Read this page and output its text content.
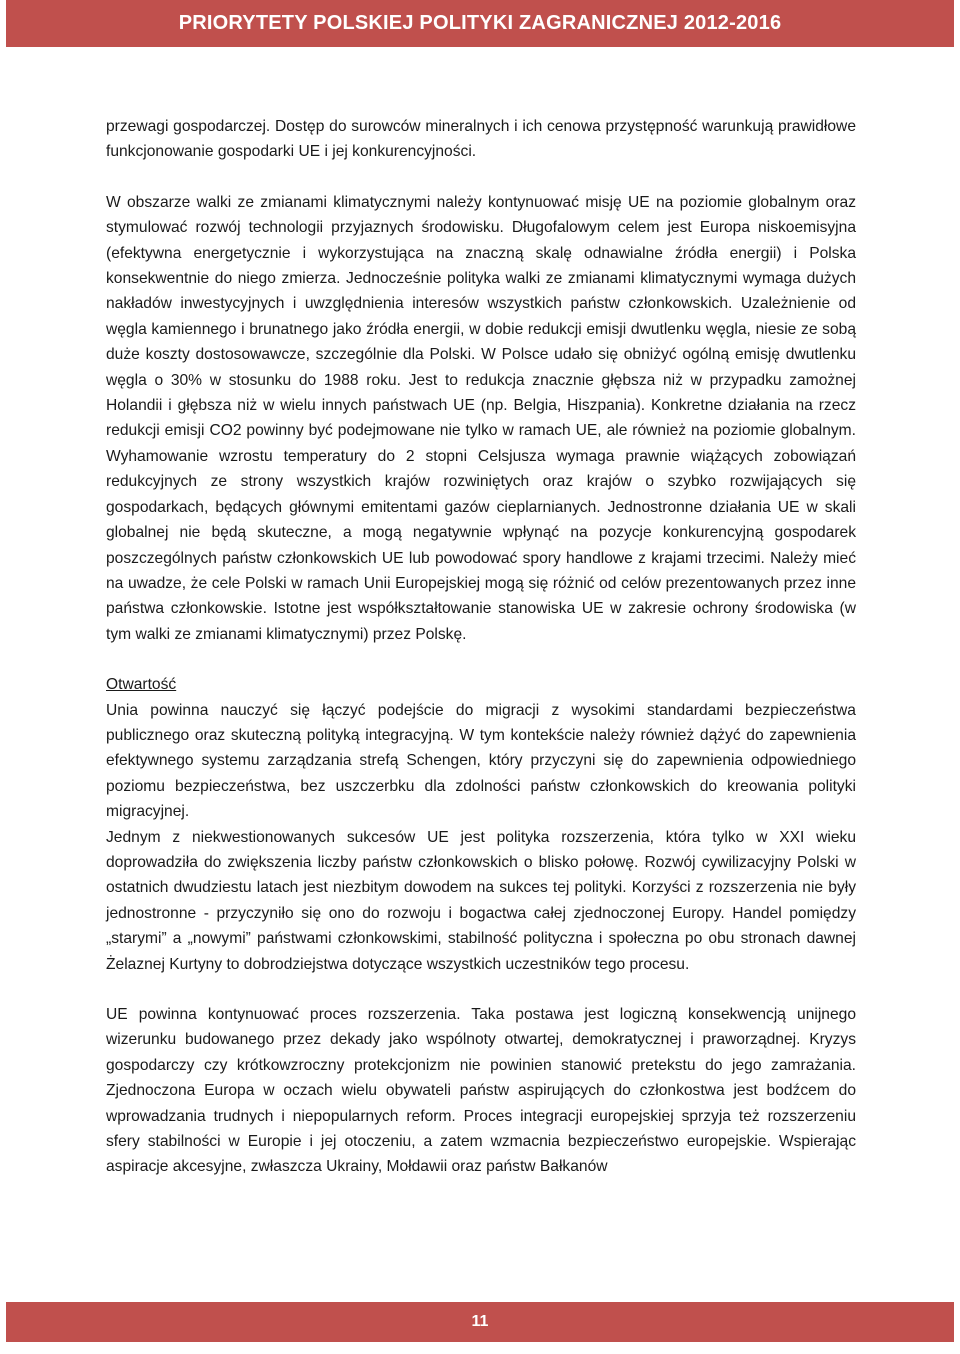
PRIORYTETY POLSKIEJ POLITYKI ZAGRANICZNEJ 2012-2016

przewagi gospodarczej. Dostęp do surowców mineralnych i ich cenowa przystępność warunkują prawidłowe funkcjonowanie gospodarki UE i jej konkurencyjności.

W obszarze walki ze zmianami klimatycznymi należy kontynuować misję UE na poziomie globalnym oraz stymulować rozwój technologii przyjaznych środowisku. Długofalowym celem jest Europa niskoemisyjna (efektywna energetycznie i wykorzystująca na znaczną skalę odnawialne źródła energii) i Polska konsekwentnie do niego zmierza. Jednocześnie polityka walki ze zmianami klimatycznymi wymaga dużych nakładów inwestycyjnych i uwzględnienia interesów wszystkich państw członkowskich. Uzależnienie od węgla kamiennego i brunatnego jako źródła energii, w dobie redukcji emisji dwutlenku węgla, niesie ze sobą duże koszty dostosowawcze, szczególnie dla Polski. W Polsce udało się obniżyć ogólną emisję dwutlenku węgla o 30% w stosunku do 1988 roku. Jest to redukcja znacznie głębsza niż w przypadku zamożnej Holandii i głębsza niż w wielu innych państwach UE (np. Belgia, Hiszpania). Konkretne działania na rzecz redukcji emisji CO2 powinny być podejmowane nie tylko w ramach UE, ale również na poziomie globalnym. Wyhamowanie wzrostu temperatury do 2 stopni Celsjusza wymaga prawnie wiążących zobowiązań redukcyjnych ze strony wszystkich krajów rozwiniętych oraz krajów o szybko rozwijających się gospodarkach, będących głównymi emitentami gazów cieplarnianych. Jednostronne działania UE w skali globalnej nie będą skuteczne, a mogą negatywnie wpłynąć na pozycje konkurencyjną gospodarek poszczególnych państw członkowskich UE lub powodować spory handlowe z krajami trzecimi. Należy mieć na uwadze, że cele Polski w ramach Unii Europejskiej mogą się różnić od celów prezentowanych przez inne państwa członkowskie. Istotne jest współkształtowanie stanowiska UE w zakresie ochrony środowiska (w tym walki ze zmianami klimatycznymi) przez Polskę.

Otwartość

Unia powinna nauczyć się łączyć podejście do migracji z wysokimi standardami bezpieczeństwa publicznego oraz skuteczną polityką integracyjną. W tym kontekście należy również dążyć do zapewnienia efektywnego systemu zarządzania strefą Schengen, który przyczyni się do zapewnienia odpowiedniego poziomu bezpieczeństwa, bez uszczerbku dla zdolności państw członkowskich do kreowania polityki migracyjnej.

Jednym z niekwestionowanych sukcesów UE jest polityka rozszerzenia, która tylko w XXI wieku doprowadziła do zwiększenia liczby państw członkowskich o blisko połowę. Rozwój cywilizacyjny Polski w ostatnich dwudziestu latach jest niezbitym dowodem na sukces tej polityki. Korzyści z rozszerzenia nie były jednostronne - przyczyniło się ono do rozwoju i bogactwa całej zjednoczonej Europy. Handel pomiędzy „starymi” a „nowymi” państwami członkowskimi, stabilność polityczna i społeczna po obu stronach dawnej Żelaznej Kurtyny to dobrodziejstwa dotyczące wszystkich uczestników tego procesu.

UE powinna kontynuować proces rozszerzenia. Taka postawa jest logiczną konsekwencją unijnego wizerunku budowanego przez dekady jako wspólnoty otwartej, demokratycznej i praworządnej. Kryzys gospodarczy czy krótkowzroczny protekcjonizm nie powinien stanowić pretekstu do jego zamrażania. Zjednoczona Europa w oczach wielu obywateli państw aspirujących do członkostwa jest bodźcem do wprowadzania trudnych i niepopularnych reform. Proces integracji europejskiej sprzyja też rozszerzeniu sfery stabilności w Europie i jej otoczeniu, a zatem wzmacnia bezpieczeństwo europejskie. Wspierając aspiracje akcesyjne, zwłaszcza Ukrainy, Mołdawii oraz państw Bałkanów

11
